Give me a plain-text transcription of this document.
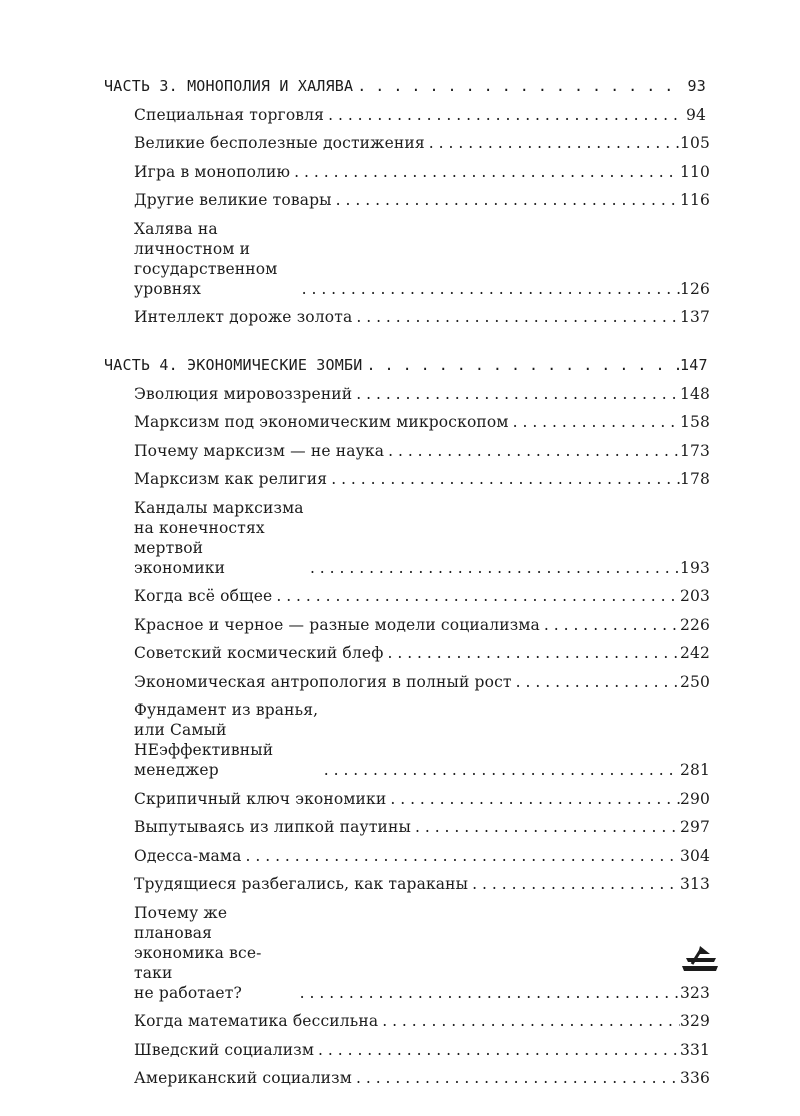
ЧАСТЬ 3. МОНОПОЛИЯ И ХАЛЯВА . . .	93
Специальная торговля . . .	94
Великие бесполезные достижения . . .	105
Игра в монополию . . .	110
Другие великие товары . . .	116
Халява на личностном и государственном
уровнях . . .	126
Интеллект дороже золота . . .	137
ЧАСТЬ 4. ЭКОНОМИЧЕСКИЕ ЗОМБИ . . .	147
Эволюция мировоззрений . . .	148
Марксизм под экономическим микроскопом . . .	158
Почему марксизм — не наука . . .	173
Марксизм как религия . . .	178
Кандалы марксизма на конечностях мертвой
экономики . . .	193
Когда всё общее . . .	203
Красное и черное — разные модели социализма . . .	226
Советский космический блеф . . .	242
Экономическая антропология в полный рост . . .	250
Фундамент из вранья, или Самый НЕэффективный
менеджер . . .	281
Скрипичный ключ экономики . . .	290
Выпутываясь из липкой паутины . . .	297
Одесса-мама . . .	304
Трудящиеся разбегались, как тараканы . . .	313
Почему же плановая экономика все-таки
не работает? . . .	323
Когда математика бессильна . . .	329
Шведский социализм . . .	331
Американский социализм . . .	336
